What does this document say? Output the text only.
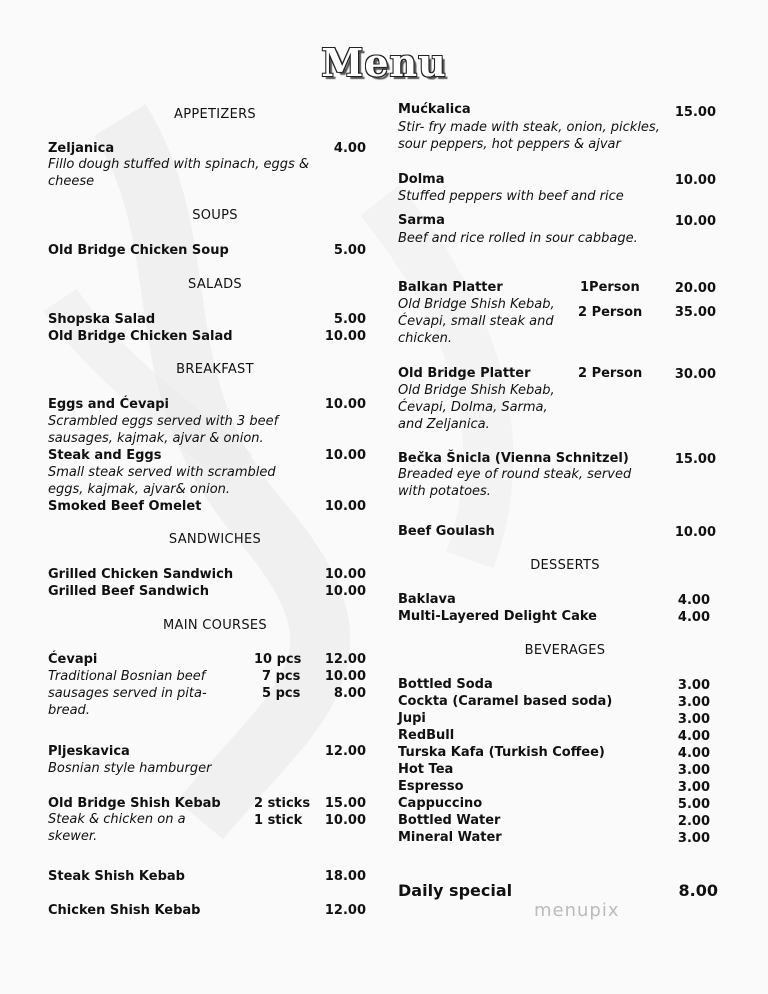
Menu
APPETIZERS
Zeljanica	4.00
Fillo dough stuffed with spinach, eggs & cheese
SOUPS
Old Bridge Chicken Soup	5.00
SALADS
Shopska Salad	5.00
Old Bridge Chicken Salad	10.00
BREAKFAST
Eggs and Ćevapi	10.00
Scrambled eggs served with 3 beef sausages, kajmak, ajvar & onion.
Steak and Eggs	10.00
Small steak served with scrambled eggs, kajmak, ajvar& onion.
Smoked Beef Omelet	10.00
SANDWICHES
Grilled Chicken Sandwich	10.00
Grilled Beef Sandwich	10.00
MAIN COURSES
Ćevapi
Traditional Bosnian beef sausages served in pita-bread.
10 pcs	12.00
7 pcs	10.00
5 pcs	8.00
Pljeskavica	12.00
Bosnian style hamburger
Old Bridge Shish Kebab
Steak & chicken on a skewer.
2 sticks	15.00
1 stick	10.00
Steak Shish Kebab	18.00
Chicken Shish Kebab	12.00
Mućkalica	15.00
Stir- fry made with steak, onion, pickles, sour peppers, hot peppers & ajvar
Dolma	10.00
Stuffed peppers with beef and rice
Sarma	10.00
Beef and rice rolled in sour cabbage.
Balkan Platter
Old Bridge Shish Kebab, Ćevapi, small steak and chicken.
1Person	20.00
2 Person	35.00
Old Bridge Platter
Old Bridge Shish Kebab, Ćevapi, Dolma, Sarma, and Zeljanica.
2 Person	30.00
Bečka Šnicla (Vienna Schnitzel)	15.00
Breaded eye of round steak, served with potatoes.
Beef Goulash	10.00
DESSERTS
Baklava	4.00
Multi-Layered Delight Cake	4.00
BEVERAGES
Bottled Soda	3.00
Cockta (Caramel based soda)	3.00
Jupi	3.00
RedBull	4.00
Turska Kafa (Turkish Coffee)	4.00
Hot Tea	3.00
Espresso	3.00
Cappuccino	5.00
Bottled Water	2.00
Mineral Water	3.00
Daily special	8.00
menupix
